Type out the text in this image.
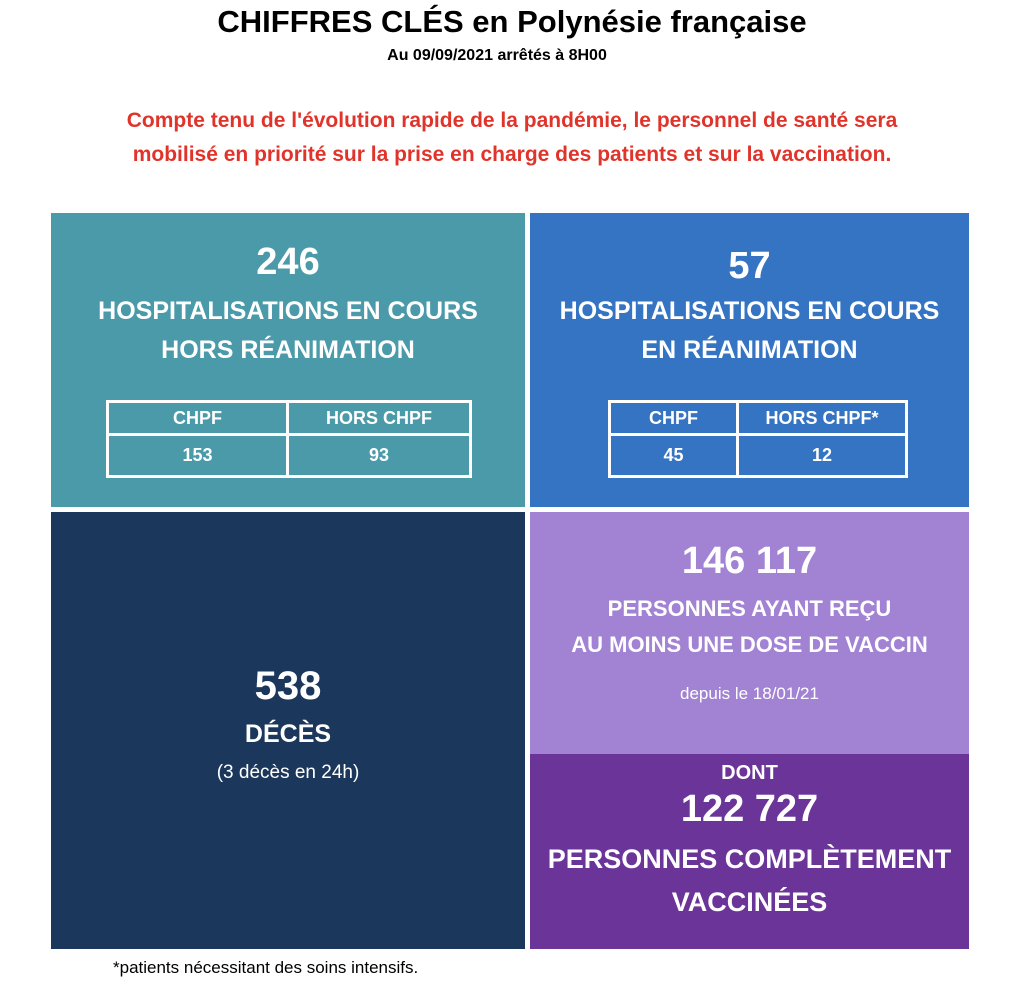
CHIFFRES CLÉS en Polynésie française
Au 09/09/2021 arrêtés à 8H00
Compte tenu de l'évolution rapide de la pandémie, le personnel de santé sera
mobilisé en priorité sur la prise en charge des patients et sur la vaccination.
246
HOSPITALISATIONS EN COURS
HORS RÉANIMATION
CHPF	HORS CHPF
153	93
57
HOSPITALISATIONS EN COURS
EN RÉANIMATION
CHPF	HORS CHPF*
45	12
538
DÉCÈS
(3 décès en 24h)
146 117
PERSONNES AYANT REÇU
AU MOINS UNE DOSE DE VACCIN
depuis le 18/01/21
DONT
122 727
PERSONNES COMPLÈTEMENT
VACCINÉES
*patients nécessitant des soins intensifs.
